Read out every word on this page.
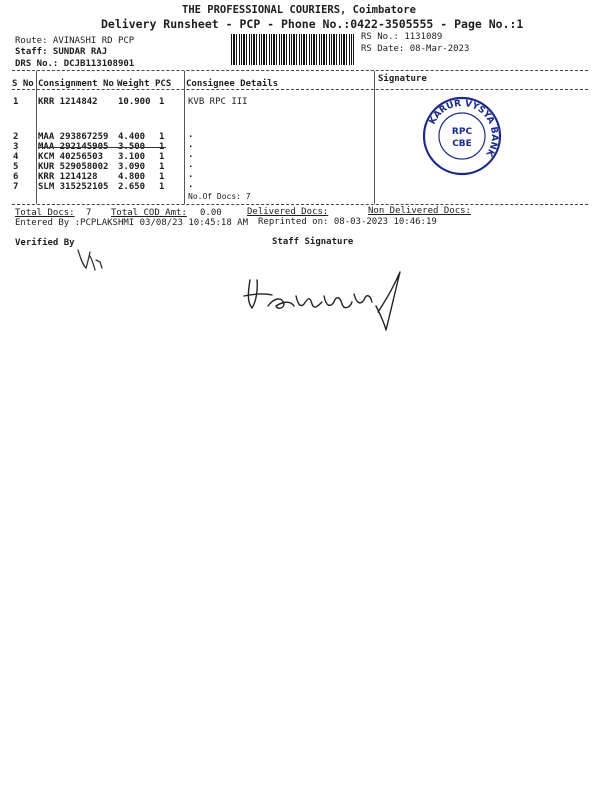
THE PROFESSIONAL COURIERS, Coimbatore
Delivery Runsheet - PCP - Phone No.:0422-3505555 - Page No.:1
Route: AVINASHI RD PCP
Staff: SUNDAR RAJ
DRS No.: DCJB113108901
RS No.: 1131089
RS Date: 08-Mar-2023
S No Consignment No Weight PCS Consignee Details	Signature
1 KRR 1214842 10.900 1	KVB RPC III
2 MAA 293867259 4.400 1	.
3 MAA 292145905 3.500 1	.
4 KCM 40256503 3.100 1	.
5 KUR 529058002 3.090 1	.
6 KRR 1214128 4.800 1	.
7 SLM 315252105 2.650 1	.
No.Of Docs: 7
Total Docs: 7 Total COD Amt: 0.00	Delivered Docs:	Non Delivered Docs:
Entered By :PCPLAKSHMI 03/08/23 10:45:18 AM Reprinted on: 08-03-2023 10:46:19
Verified By	Staff Signature
KARUR VYSYA BANK
RPC
CBE
